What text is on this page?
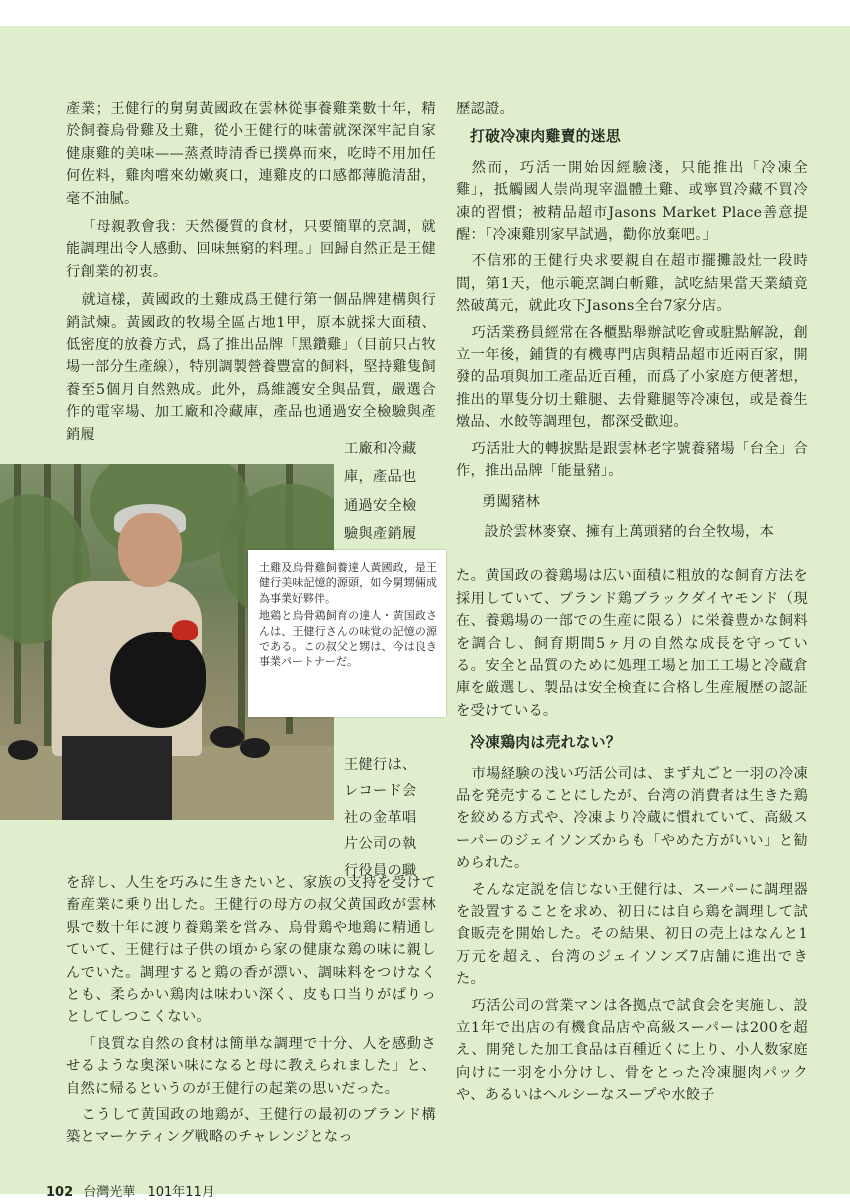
產業；王健行的舅舅黃國政在雲林從事養雞業數十年，精於飼養烏骨雞及土雞，從小王健行的味蕾就深深牢記自家健康雞的美味——蒸煮時清香已撲鼻而來，吃時不用加任何佐料，雞肉嚐來幼嫩爽口，連雞皮的口感都薄脆清甜，毫不油膩。

「母親教會我：天然優質的食材，只要簡單的烹調，就能調理出令人感動、回味無窮的料理。」回歸自然正是王健行創業的初衷。

就這樣，黃國政的土雞成爲王健行第一個品牌建構與行銷試煉。黃國政的牧場全區占地1甲，原本就採大面積、低密度的放養方式，爲了推出品牌「黑鑽雞」（目前只占牧場一部分生產線），特別調製營養豐富的飼料，堅持雞隻飼養至5個月自然熟成。此外，爲維護安全與品質，嚴選合作的電宰場、加工廠和冷藏庫，產品也通過安全檢驗與產銷履

工廠和冷藏

庫，產品也

通過安全檢

驗與產銷履

土雞及烏骨雞飼養達人黃國政，是王健行美味記憶的源頭，如今舅甥倆成為事業好夥伴。

地鶏と烏骨鶏飼育の達人・黄国政さんは、王健行さんの味覚の記憶の源である。この叔父と甥は、今は良き事業パートナーだ。

王健行は、

レコード会

社の金革唱

片公司の執

行役員の職

を辞し、人生を巧みに生きたいと、家族の支持を受けて畜産業に乗り出した。王健行の母方の叔父黄国政が雲林県で数十年に渡り養鶏業を営み、烏骨鶏や地鶏に精通していて、王健行は子供の頃から家の健康な鶏の味に親しんでいた。調理すると鶏の香が漂い、調味料をつけなくとも、柔らかい鶏肉は味わい深く、皮も口当りがぱりっとしてしつこくない。

「良質な自然の食材は簡単な調理で十分、人を感動させるような奥深い味になると母に教えられました」と、自然に帰るというのが王健行の起業の思いだった。

こうして黄国政の地鶏が、王健行の最初のブランド構築とマーケティング戦略のチャレンジとなっ

歷認證。

打破冷凍肉雞賣的迷思

然而，巧活一開始因經驗淺，只能推出「冷凍全雞」，抵觸國人崇尚現宰溫體土雞、或寧買冷藏不買冷凍的習慣；被精品超市Jasons Market Place善意提醒：「冷凍雞別家早試過，勸你放棄吧。」

不信邪的王健行央求要親自在超市擺攤設灶一段時間，第1天，他示範烹調白斬雞，試吃結果當天業績竟然破萬元，就此攻下Jasons全台7家分店。

巧活業務員經常在各櫃點舉辦試吃會或駐點解說，創立一年後，鋪貨的有機專門店與精品超市近兩百家，開發的品項與加工產品近百種，而爲了小家庭方便著想，推出的單隻分切土雞腿、去骨雞腿等冷凍包，或是養生燉品、水餃等調理包，都深受歡迎。

巧活壯大的轉捩點是跟雲林老字號養豬場「台全」合作，推出品牌「能量豬」。

勇闖豬林

設於雲林麥寮、擁有上萬頭豬的台全牧場，本

た。黄国政の養鶏場は広い面積に粗放的な飼育方法を採用していて、ブランド鶏ブラックダイヤモンド（現在、養鶏場の一部での生産に限る）に栄養豊かな飼料を調合し、飼育期間5ヶ月の自然な成長を守っている。安全と品質のために処理工場と加工工場と冷蔵倉庫を厳選し、製品は安全検査に合格し生産履歴の認証を受けている。

冷凍鶏肉は売れない？

市場経験の浅い巧活公司は、まず丸ごと一羽の冷凍品を発売することにしたが、台湾の消費者は生きた鶏を絞める方式や、冷凍より冷蔵に慣れていて、高級スーパーのジェイソンズからも「やめた方がいい」と勧められた。

そんな定説を信じない王健行は、スーパーに調理器を設置することを求め、初日には自ら鶏を調理して試食販売を開始した。その結果、初日の売上はなんと1万元を超え、台湾のジェイソンズ7店舗に進出できた。

巧活公司の営業マンは各拠点で試食会を実施し、設立1年で出店の有機食品店や高級スーパーは200を超え、開発した加工食品は百種近くに上り、小人数家庭向けに一羽を小分けし、骨をとった冷凍腿肉パックや、あるいはヘルシーなスープや水餃子

102 台灣光華 101年11月
